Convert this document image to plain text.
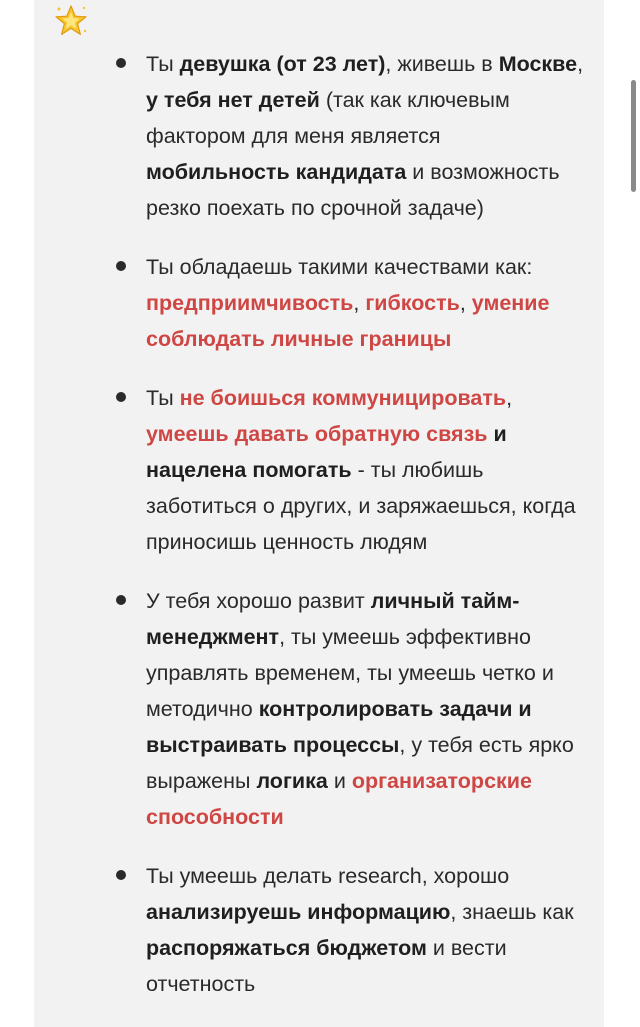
Ты девушка (от 23 лет), живешь в Москве, у тебя нет детей (так как ключевым фактором для меня является мобильность кандидата и возможность резко поехать по срочной задаче)
Ты обладаешь такими качествами как: предприимчивость, гибкость, умение соблюдать личные границы
Ты не боишься коммуницировать, умеешь давать обратную связь и нацелена помогать - ты любишь заботиться о других, и заряжаешься, когда приносишь ценность людям
У тебя хорошо развит личный тайм-менеджмент, ты умеешь эффективно управлять временем, ты умеешь четко и методично контролировать задачи и выстраивать процессы, у тебя есть ярко выражены логика и организаторские способности
Ты умеешь делать research, хорошо анализируешь информацию, знаешь как распоряжаться бюджетом и вести отчетность
